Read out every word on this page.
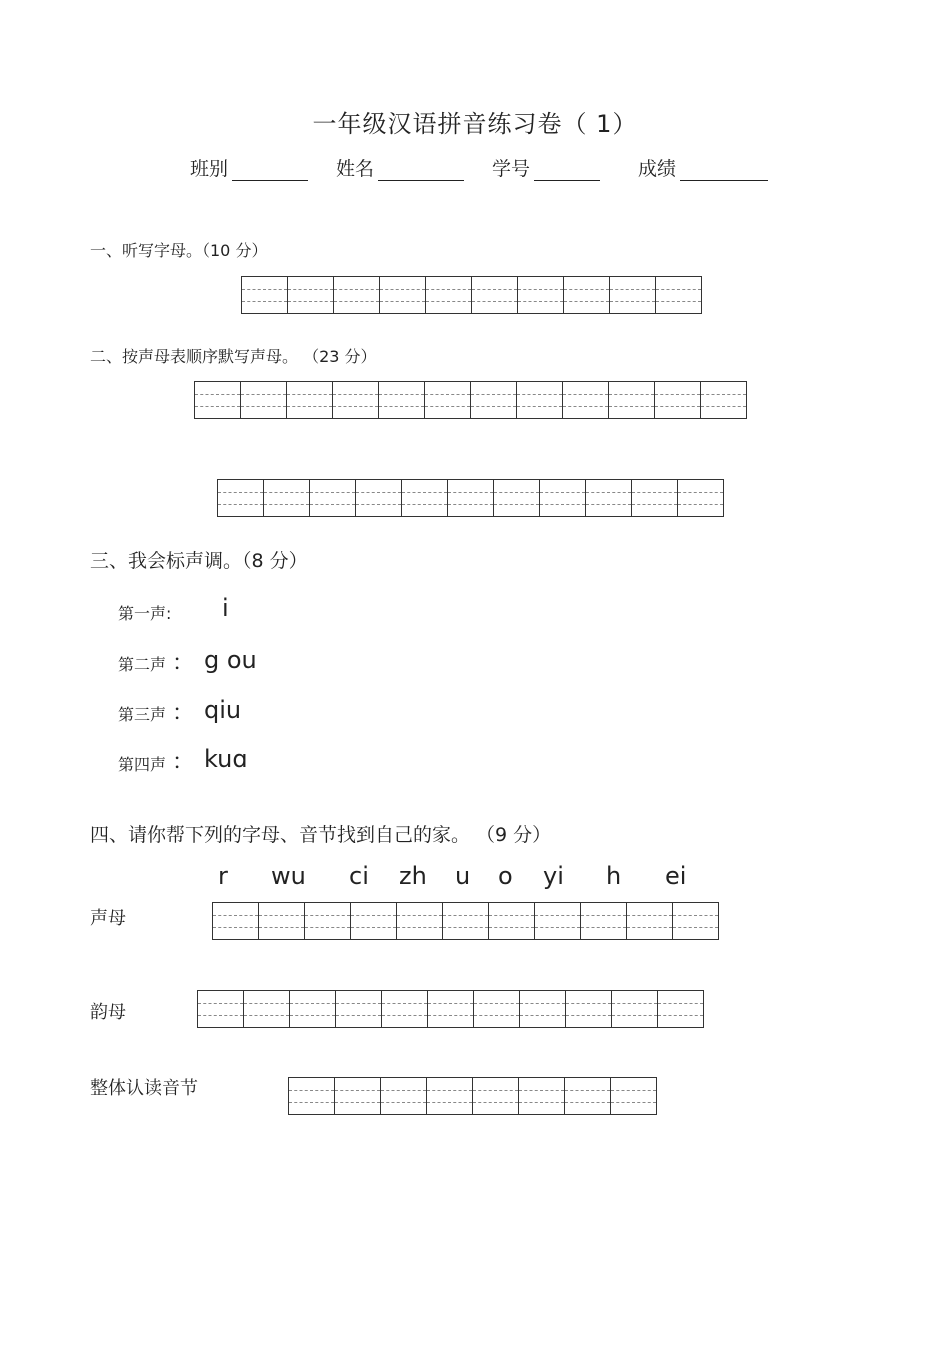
一年级汉语拼音练习卷（ 1）
班别	姓名	学号	成绩
一、听写字母。（10 分）
二、按声母表顺序默写声母。 （23 分）
三、我会标声调。（8 分）
第一声: i
第二声 ： g ou
第三声 ： qiu
第四声 ： kuɑ
四、请你帮下列的字母、音节找到自己的家。 （9 分）
r wu ci zh u o yi h ei
声母
韵母
整体认读音节
